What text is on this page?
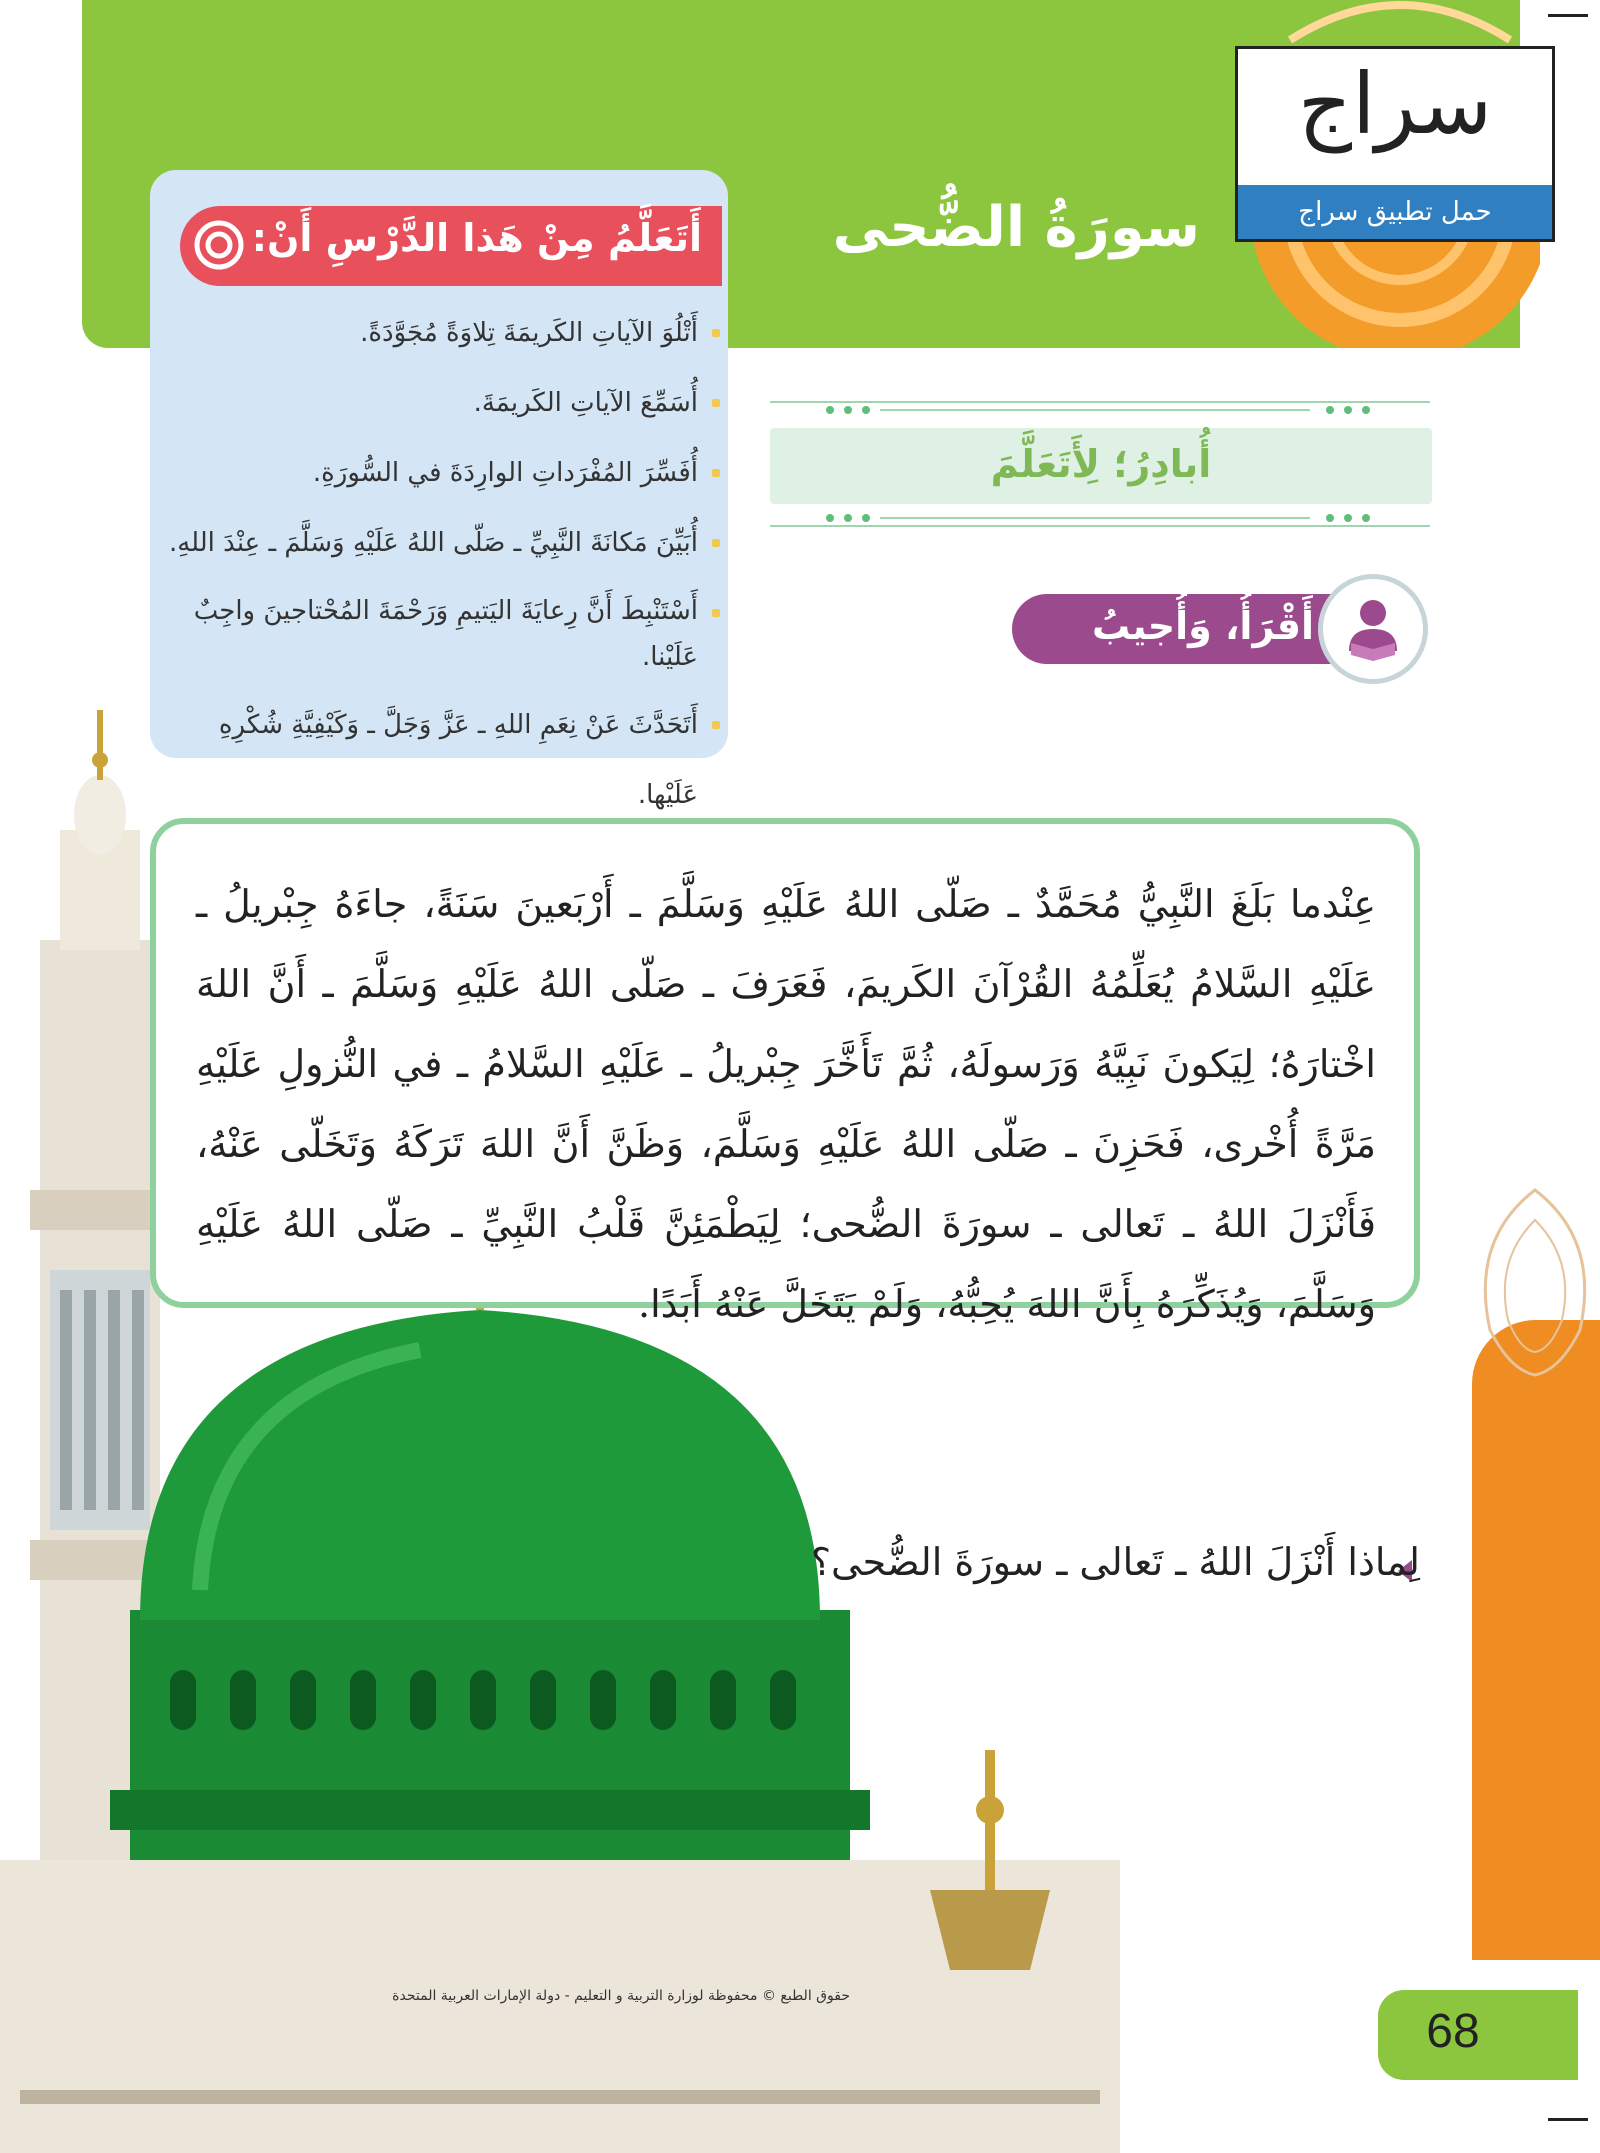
سورَةُ الضُّحى
سراج
حمل تطبيق سراج
أَتَعَلَّمُ مِنْ هَذا الدَّرْسِ أَنْ:
أَتْلُوَ الآياتِ الكَريمَةَ تِلاوَةً مُجَوَّدَةً.
أُسَمِّعَ الآياتِ الكَريمَةَ.
أُفَسِّرَ المُفْرَداتِ الوارِدَةَ في السُّورَةِ.
أُبَيِّنَ مَكانَةَ النَّبِيِّ ـ صَلّى اللهُ عَلَيْهِ وَسَلَّمَ ـ عِنْدَ اللهِ.
أَسْتَنْبِطَ أَنَّ رِعايَةَ اليَتيمِ وَرَحْمَةَ المُحْتاجينَ واجِبٌ عَلَيْنا.
أَتَحَدَّثَ عَنْ نِعَمِ اللهِ ـ عَزَّ وَجَلَّ ـ وَكَيْفِيَّةِ شُكْرِهِ عَلَيْها.
أُبادِرُ؛ لِأَتَعَلَّمَ
أَقْرَأُ، وَأُجيبُ
عِنْدما بَلَغَ النَّبِيُّ مُحَمَّدٌ ـ صَلّى اللهُ عَلَيْهِ وَسَلَّمَ ـ أَرْبَعينَ سَنَةً، جاءَهُ جِبْريلُ ـ عَلَيْهِ السَّلامُ يُعَلِّمُهُ القُرْآنَ الكَريمَ، فَعَرَفَ ـ صَلّى اللهُ عَلَيْهِ وَسَلَّمَ ـ أَنَّ اللهَ اخْتارَهُ؛ لِيَكونَ نَبِيَّهُ وَرَسولَهُ، ثُمَّ تَأَخَّرَ جِبْريلُ ـ عَلَيْهِ السَّلامُ ـ في النُّزولِ عَلَيْهِ مَرَّةً أُخْرى، فَحَزِنَ ـ صَلّى اللهُ عَلَيْهِ وَسَلَّمَ، وَظَنَّ أَنَّ اللهَ تَرَكَهُ وَتَخَلّى عَنْهُ، فَأَنْزَلَ اللهُ ـ تَعالى ـ سورَةَ الضُّحى؛ لِيَطْمَئِنَّ قَلْبُ النَّبِيِّ ـ صَلّى اللهُ عَلَيْهِ وَسَلَّمَ، وَيُذَكِّرَهُ بِأَنَّ اللهَ يُحِبُّهُ، وَلَمْ يَتَخَلَّ عَنْهُ أَبَدًا.
لِماذا أَنْزَلَ اللهُ ـ تَعالى ـ سورَةَ الضُّحى؟
حقوق الطبع © محفوظة لوزارة التربية و التعليم - دولة الإمارات العربية المتحدة
68
